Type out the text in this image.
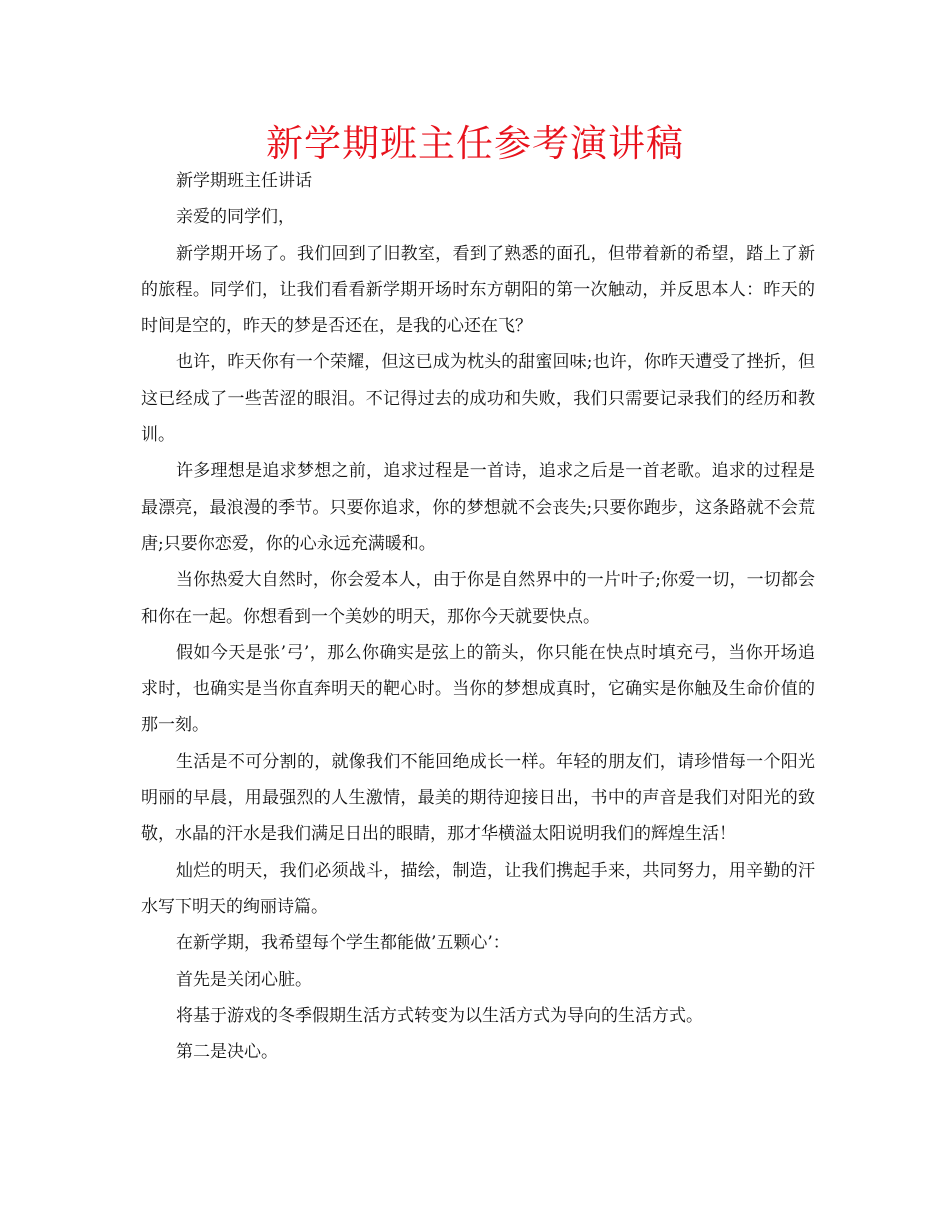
新学期班主任参考演讲稿

新学期班主任讲话

亲爱的同学们，

新学期开场了。我们回到了旧教室，看到了熟悉的面孔，但带着新的希望，踏上了新的旅程。同学们，让我们看看新学期开场时东方朝阳的第一次触动，并反思本人：昨天的时间是空的，昨天的梦是否还在，是我的心还在飞？

也许，昨天你有一个荣耀，但这已成为枕头的甜蜜回味;也许，你昨天遭受了挫折，但这已经成了一些苦涩的眼泪。不记得过去的成功和失败，我们只需要记录我们的经历和教训。

许多理想是追求梦想之前，追求过程是一首诗，追求之后是一首老歌。追求的过程是最漂亮，最浪漫的季节。只要你追求，你的梦想就不会丧失;只要你跑步，这条路就不会荒唐;只要你恋爱，你的心永远充满暖和。

当你热爱大自然时，你会爱本人，由于你是自然界中的一片叶子;你爱一切，一切都会和你在一起。你想看到一个美妙的明天，那你今天就要快点。

假如今天是张’弓’，那么你确实是弦上的箭头，你只能在快点时填充弓，当你开场追求时，也确实是当你直奔明天的靶心时。当你的梦想成真时，它确实是你触及生命价值的那一刻。

生活是不可分割的，就像我们不能回绝成长一样。年轻的朋友们，请珍惜每一个阳光明丽的早晨，用最强烈的人生激情，最美的期待迎接日出，书中的声音是我们对阳光的致敬，水晶的汗水是我们满足日出的眼睛，那才华横溢太阳说明我们的辉煌生活！

灿烂的明天，我们必须战斗，描绘，制造，让我们携起手来，共同努力，用辛勤的汗水写下明天的绚丽诗篇。

在新学期，我希望每个学生都能做’五颗心’：

首先是关闭心脏。

将基于游戏的冬季假期生活方式转变为以生活方式为导向的生活方式。

第二是决心。
